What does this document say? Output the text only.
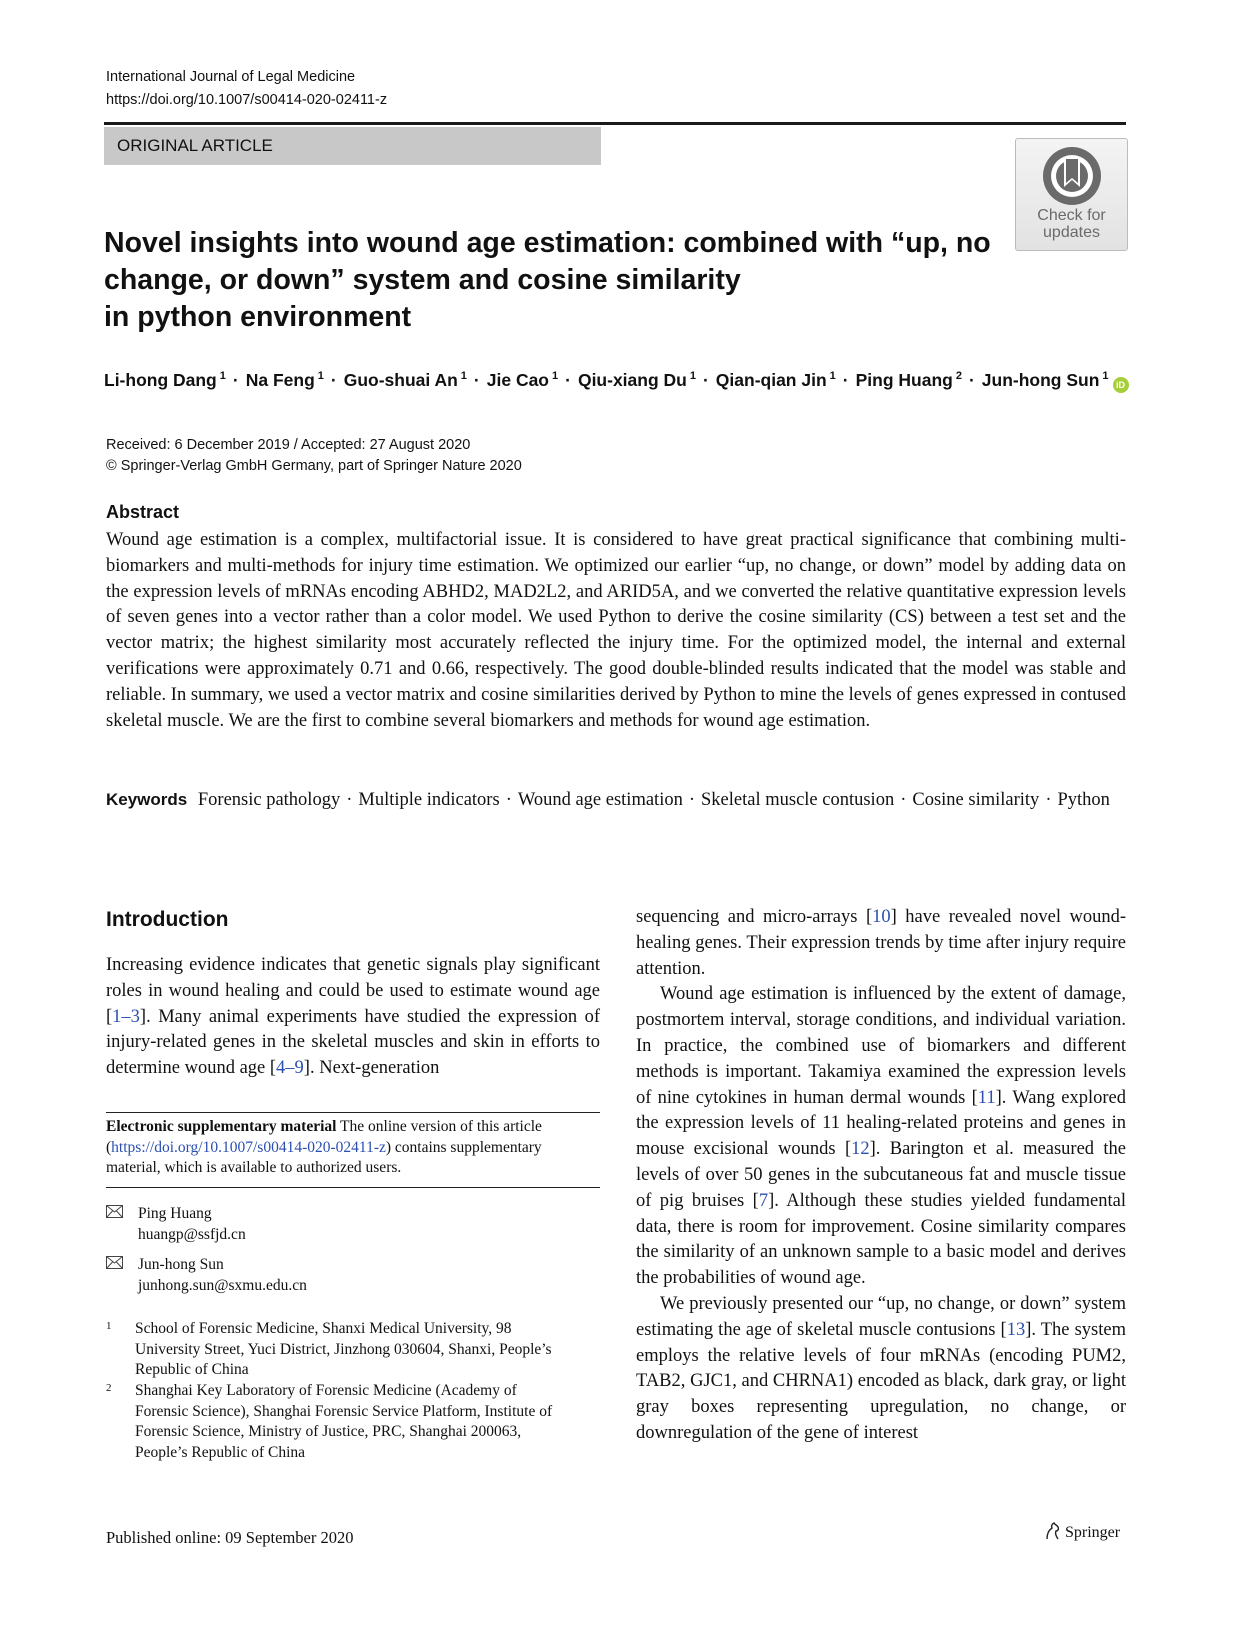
International Journal of Legal Medicine
https://doi.org/10.1007/s00414-020-02411-z
ORIGINAL ARTICLE
Check for
updates
Novel insights into wound age estimation: combined with “up, no
change, or down” system and cosine similarity
in python environment
Li-hong Dang $^1$ · Na Feng $^1$ · Guo-shuai An $^1$ · Jie Cao $^1$ · Qiu-xiang Du $^1$ · Qian-qian Jin $^1$ · Ping Huang $^2$ · Jun-hong Sun $^1$iD
Received: 6 December 2019 / Accepted: 27 August 2020
© Springer-Verlag GmbH Germany, part of Springer Nature 2020
Abstract
Wound age estimation is a complex, multifactorial issue. It is considered to have great practical significance that combining multi-biomarkers and multi-methods for injury time estimation. We optimized our earlier “up, no change, or down” model by adding data on the expression levels of mRNAs encoding ABHD2, MAD2L2, and ARID5A, and we converted the relative quantitative expression levels of seven genes into a vector rather than a color model. We used Python to derive the cosine similarity (CS) between a test set and the vector matrix; the highest similarity most accurately reflected the injury time. For the optimized model, the internal and external verifications were approximately 0.71 and 0.66, respectively. The good double-blinded results indicated that the model was stable and reliable. In summary, we used a vector matrix and cosine similarities derived by Python to mine the levels of genes expressed in contused skeletal muscle. We are the first to combine several biomarkers and methods for wound age estimation.
Keywords Forensic pathology · Multiple indicators · Wound age estimation · Skeletal muscle contusion · Cosine similarity · Python
Introduction
Increasing evidence indicates that genetic signals play significant roles in wound healing and could be used to estimate wound age [1–3]. Many animal experiments have studied the expression of injury-related genes in the skeletal muscles and skin in efforts to determine wound age [4–9]. Next-generation
Electronic supplementary material The online version of this article (https://doi.org/10.1007/s00414-020-02411-z) contains supplementary material, which is available to authorized users.
Ping Huang
huangp@ssfjd.cn
Jun-hong Sun
junhong.sun@sxmu.edu.cn
1 School of Forensic Medicine, Shanxi Medical University, 98
University Street, Yuci District, Jinzhong 030604, Shanxi, People’s
Republic of China
2 Shanghai Key Laboratory of Forensic Medicine (Academy of
Forensic Science), Shanghai Forensic Service Platform, Institute of
Forensic Science, Ministry of Justice, PRC, Shanghai 200063,
People’s Republic of China

sequencing and micro-arrays [10] have revealed novel wound-healing genes. Their expression trends by time after injury require attention.

Wound age estimation is influenced by the extent of damage, postmortem interval, storage conditions, and individual variation. In practice, the combined use of biomarkers and different methods is important. Takamiya examined the expression levels of nine cytokines in human dermal wounds [11]. Wang explored the expression levels of 11 healing-related proteins and genes in mouse excisional wounds [12]. Barington et al. measured the levels of over 50 genes in the subcutaneous fat and muscle tissue of pig bruises [7]. Although these studies yielded fundamental data, there is room for improvement. Cosine similarity compares the similarity of an unknown sample to a basic model and derives the probabilities of wound age.

We previously presented our “up, no change, or down” system estimating the age of skeletal muscle contusions [13]. The system employs the relative levels of four mRNAs (encoding PUM2, TAB2, GJC1, and CHRNA1) encoded as black, dark gray, or light gray boxes representing upregulation, no change, or downregulation of the gene of interest

Published online: 09 September 2020	Springer
